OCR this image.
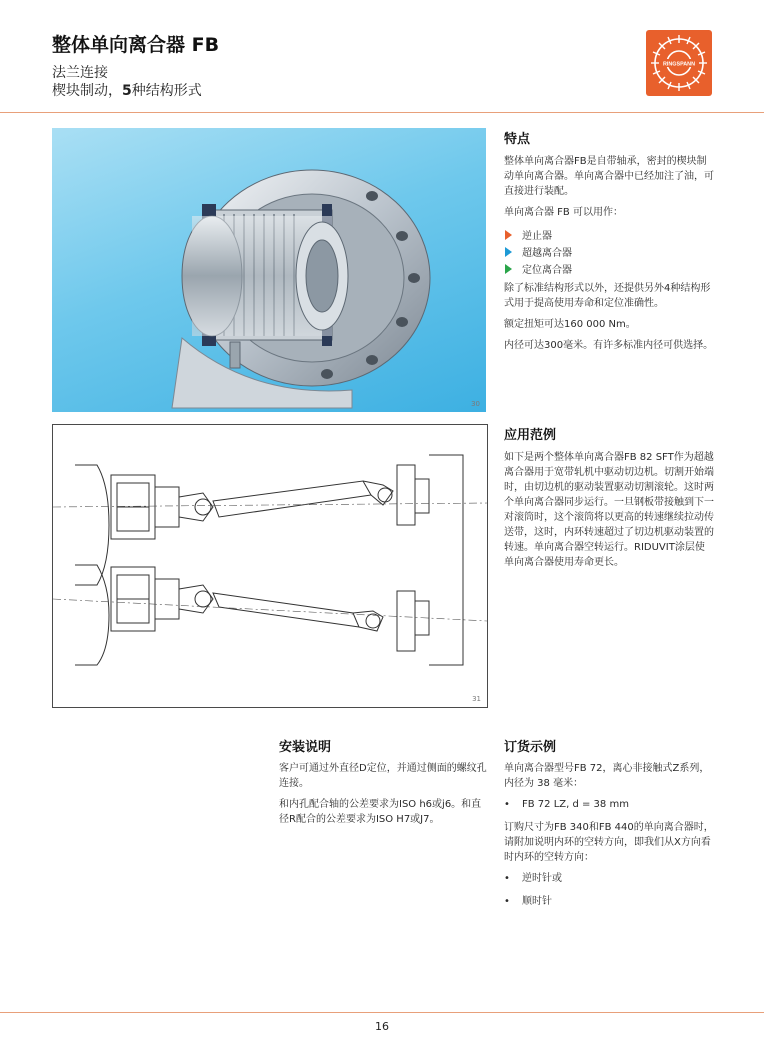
整体单向离合器 FB
法兰连接
楔块制动，5种结构形式
RINGSPANN
30
31
特点

整体单向离合器FB是自带轴承，密封的楔块制动单向离合器。单向离合器中已经加注了油，可直接进行装配。

单向离合器 FB 可以用作：

逆止器
超越离合器
定位离合器

除了标准结构形式以外，还提供另外4种结构形式用于提高使用寿命和定位准确性。

额定扭矩可达160 000 Nm。

内径可达300毫米。有许多标准内径可供选择。

应用范例

如下是两个整体单向离合器FB 82 SFT作为超越离合器用于宽带轧机中驱动切边机。切割开始端时，由切边机的驱动装置驱动切割滚轮。这时两个单向离合器同步运行。一旦钢板带接触到下一对滚筒时，这个滚筒将以更高的转速继续拉动传送带，这时，内环转速超过了切边机驱动装置的转速。单向离合器空转运行。RIDUVIT涂层使单向离合器使用寿命更长。

安装说明

客户可通过外直径D定位，并通过侧面的螺纹孔连接。

和内孔配合轴的公差要求为ISO h6或j6。和直径R配合的公差要求为ISO H7或J7。

订货示例

单向离合器型号FB 72，离心非接触式Z系列，内径为 38 毫米：

• FB 72 LZ, d = 38 mm

订购尺寸为FB 340和FB 440的单向离合器时，请附加说明内环的空转方向，即我们从X方向看时内环的空转方向：

• 逆时针或
• 顺时针
16
